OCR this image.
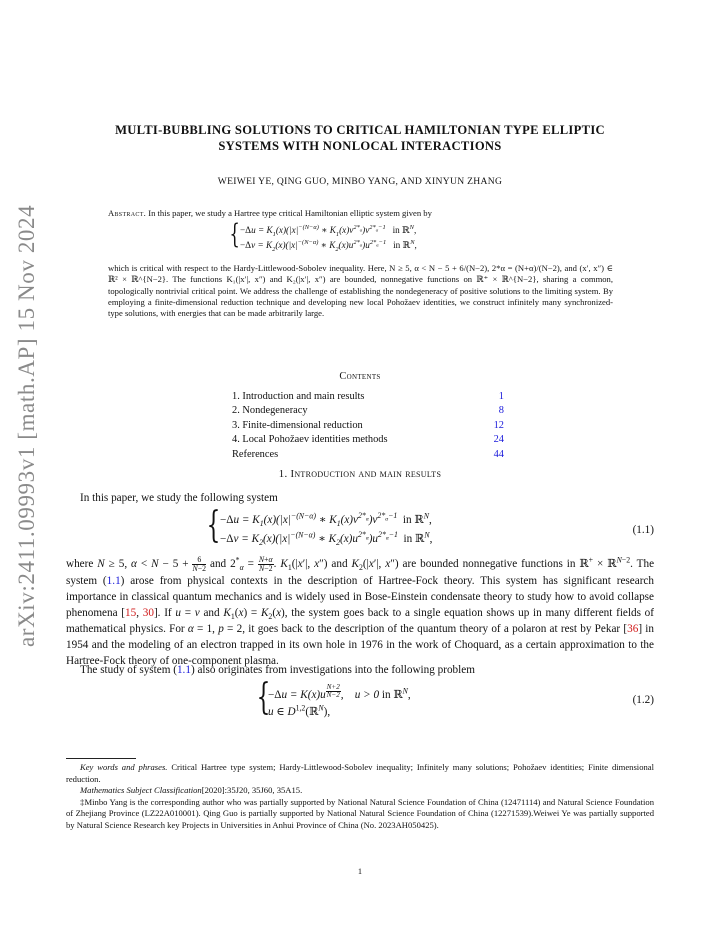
arXiv:2411.09993v1 [math.AP] 15 Nov 2024
MULTI-BUBBLING SOLUTIONS TO CRITICAL HAMILTONIAN TYPE ELLIPTIC
SYSTEMS WITH NONLOCAL INTERACTIONS
WEIWEI YE, QING GUO, MINBO YANG, AND XINYUN ZHANG
Abstract. In this paper, we study a Hartree type critical Hamiltonian elliptic system given by
{ $-\Delta u = K_1(x)(|x|^{-(N-\alpha)}$ ∗ $K_1(x)v^{2*_\alpha})v^{2*_\alpha-1}$ in ℝ$^N$,
$-\Delta v = K_2(x)(|x|^{-(N-\alpha)}$ ∗ $K_2(x)u^{2*_\alpha})u^{2*_\alpha-1}$ in ℝ$^N$,
which is critical with respect to the Hardy-Littlewood-Sobolev inequality. Here, N ≥ 5, α < N − 5 + 6/(N−2), 2*α = (N+α)/(N−2), and (x′, x″) ∈ ℝ² × ℝ^{N−2}. The functions K₁(|x′|, x″) and K₂(|x′|, x″) are bounded, nonnegative functions on ℝ⁺ × ℝ^{N−2}, sharing a common, topologically nontrivial critical point. We address the challenge of establishing the nondegeneracy of positive solutions to the limiting system. By employing a finite-dimensional reduction technique and developing new local Pohožaev identities, we construct infinitely many synchronized-type solutions, with energies that can be made arbitrarily large.
Contents
1. Introduction and main results	1
2. Nondegeneracy	8
3. Finite-dimensional reduction	12
4. Local Pohožaev identities methods	24
References	44
1. Introduction and main results
In this paper, we study the following system
{ $-\Delta u = K_1(x)(|x|^{-(N-\alpha)}$ ∗ $K_1(x)v^{2*_\alpha})v^{2*_\alpha-1}$ in ℝ$^N$,
$-\Delta v = K_2(x)(|x|^{-(N-\alpha)}$ ∗ $K_2(x)u^{2*_\alpha})u^{2*_\alpha-1}$ in ℝ$^N$,
(1.1)
where N ≥ 5, $\alpha < N - 5 + \frac{6}{N-2}$ and $2^*_\alpha = \frac{N+\alpha}{N-2}$ . $K_1(|x'|$, x″) and $K_2(|x'|$, x″) are bounded nonnegative functions in ℝ+ × ℝ$^{N-2}$. The system (1.1) arose from physical contexts in the description of Hartree-Fock theory. This system has significant research importance in classical quantum mechanics and is widely used in Bose-Einstein condensate theory to study how to avoid collapse phenomena [15, 30]. If u = v and $K_1(x) = K_2(x)$, the system goes back to a single equation shows up in many different fields of mathematical physics. For α = 1, p = 2, it goes back to the description of the quantum theory of a polaron at rest by Pekar [36] in 1954 and the modeling of an electron trapped in its own hole in 1976 in the work of Choquard, as a certain approximation to the Hartree-Fock theory of one-component plasma.
The study of system (1.1) also originates from investigations into the following problem
{
−Δu = K(x)u $^{\frac{N+2}{N-2}}$ ,    u > 0 in ℝ$^N$,
u ∈ D$^{1,2}$(ℝ$^N$),
(1.2)
Key words and phrases. Critical Hartree type system; Hardy-Littlewood-Sobolev inequality; Infinitely many solutions; Pohožaev identities; Finite dimensional reduction.
Mathematics Subject Classification[2020]:35J20, 35J60, 35A15.
‡Minbo Yang is the corresponding author who was partially supported by National Natural Science Foundation of China (12471114) and Natural Science Foundation of Zhejiang Province (LZ22A010001). Qing Guo is partially supported by National Natural Science Foundation of China (12271539).Weiwei Ye was partially supported by Natural Science Research key Projects in Universities in Anhui Province of China (No. 2023AH050425).
1
